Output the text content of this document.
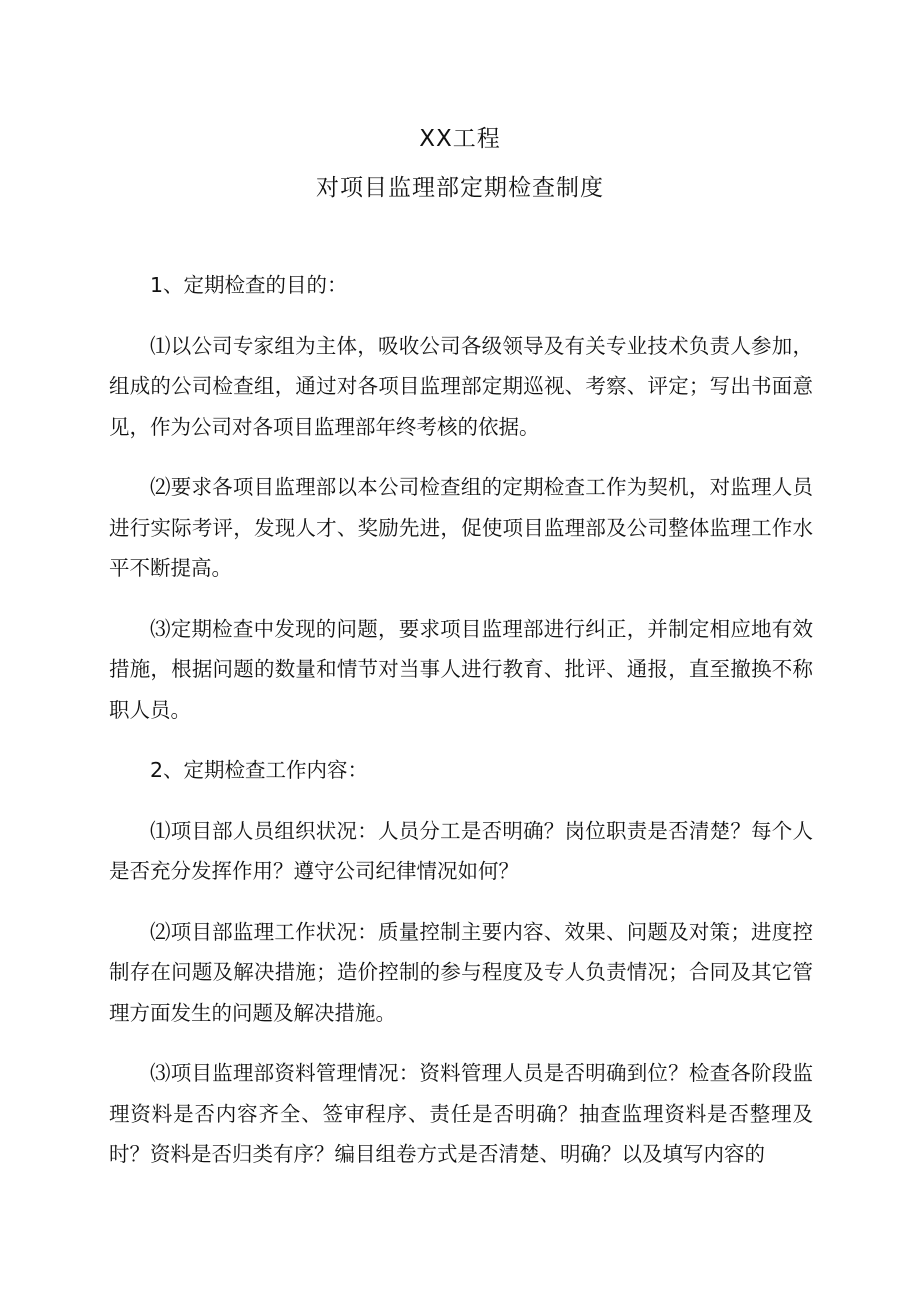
XX工程
对项目监理部定期检查制度

1、定期检查的目的：

⑴以公司专家组为主体，吸收公司各级领导及有关专业技术负责人参加，组成的公司检查组，通过对各项目监理部定期巡视、考察、评定；写出书面意见，作为公司对各项目监理部年终考核的依据。

⑵要求各项目监理部以本公司检查组的定期检查工作为契机，对监理人员进行实际考评，发现人才、奖励先进，促使项目监理部及公司整体监理工作水平不断提高。

⑶定期检查中发现的问题，要求项目监理部进行纠正，并制定相应地有效措施，根据问题的数量和情节对当事人进行教育、批评、通报，直至撤换不称职人员。

2、定期检查工作内容：

⑴项目部人员组织状况：人员分工是否明确？岗位职责是否清楚？每个人是否充分发挥作用？遵守公司纪律情况如何？

⑵项目部监理工作状况：质量控制主要内容、效果、问题及对策；进度控制存在问题及解决措施；造价控制的参与程度及专人负责情况；合同及其它管理方面发生的问题及解决措施。

⑶项目监理部资料管理情况：资料管理人员是否明确到位？检查各阶段监理资料是否内容齐全、签审程序、责任是否明确？抽查监理资料是否整理及时？资料是否归类有序？编目组卷方式是否清楚、明确？以及填写内容的
